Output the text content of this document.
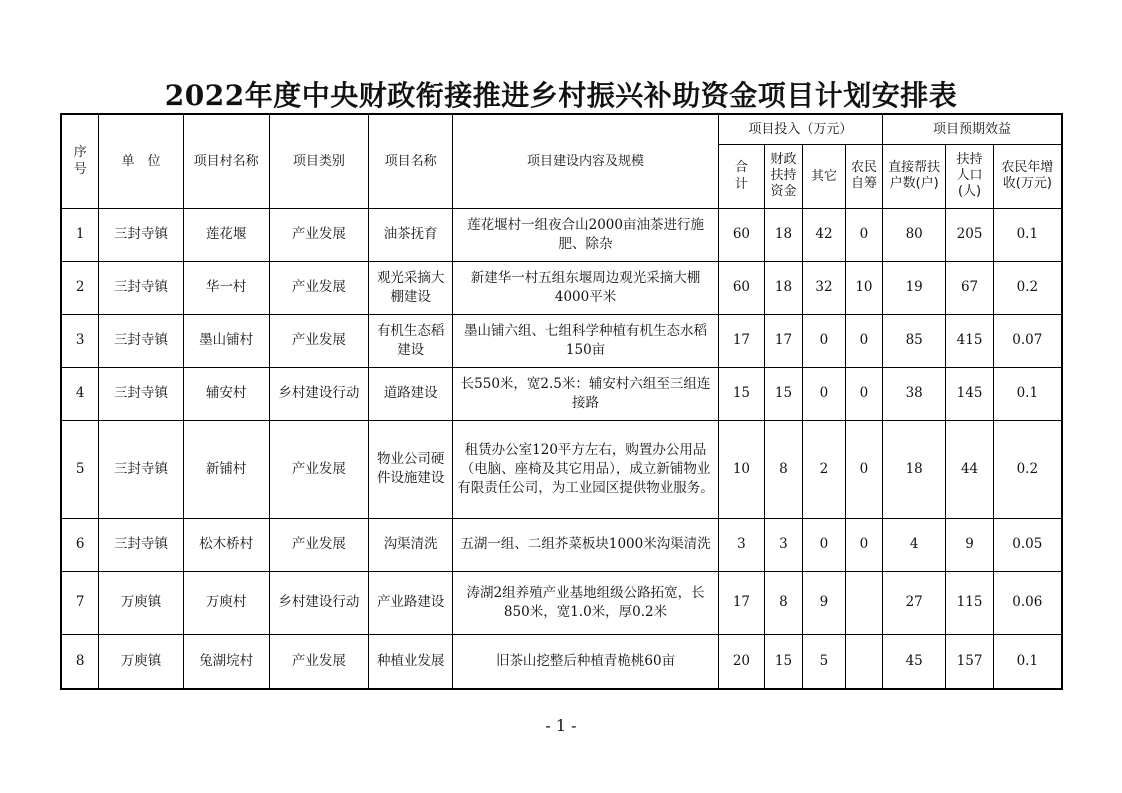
2022年度中央财政衔接推进乡村振兴补助资金项目计划安排表
序号	单　位	项目村名称	项目类别	项目名称	项目建设内容及规模	项目投入（万元）				项目预期效益		
						合计	财政扶持资金	其它	农民自筹	直接帮扶户数(户)	扶持人口(人)	农民年增收(万元)
1	三封寺镇	莲花堰	产业发展	油茶抚育	莲花堰村一组夜合山2000亩油茶进行施肥、除杂	60	18	42	0	80	205	0.1
2	三封寺镇	华一村	产业发展	观光采摘大棚建设	新建华一村五组东堰周边观光采摘大棚4000平米	60	18	32	10	19	67	0.2
3	三封寺镇	墨山铺村	产业发展	有机生态稻建设	墨山铺六组、七组科学种植有机生态水稻150亩	17	17	0	0	85	415	0.07
4	三封寺镇	辅安村	乡村建设行动	道路建设	长550米，宽2.5米：辅安村六组至三组连接路	15	15	0	0	38	145	0.1
5	三封寺镇	新铺村	产业发展	物业公司硬件设施建设	租赁办公室120平方左右，购置办公用品（电脑、座椅及其它用品），成立新铺物业有限责任公司，为工业园区提供物业服务。	10	8	2	0	18	44	0.2
6	三封寺镇	松木桥村	产业发展	沟渠清洗	五湖一组、二组芥菜板块1000米沟渠清洗	3	3	0	0	4	9	0.05
7	万庾镇	万庾村	乡村建设行动	产业路建设	涛湖2组养殖产业基地组级公路拓宽，长850米，宽1.0米，厚0.2米	17	8	9		27	115	0.06
8	万庾镇	兔湖垸村	产业发展	种植业发展	旧茶山挖整后种植青桅桃60亩	20	15	5		45	157	0.1
- 1 -
